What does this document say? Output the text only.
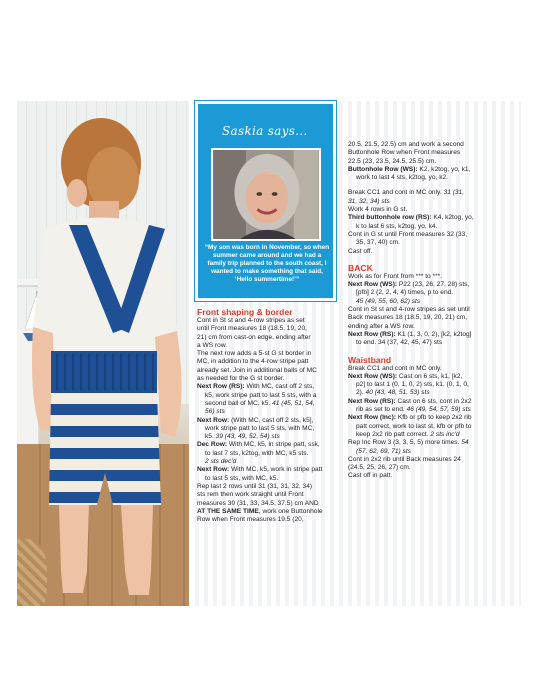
Saskia says...
“My son was born in November, so when summer came around and we had a family trip planned to the south coast, I wanted to make something that said, ‘Hello summertime!’”

Front shaping & border

Cont in St st and 4-row stripes as set

until Front measures 18 (18.5, 19, 20,

21) cm from cast-on edge, ending after

a WS row.

The next row adds a 5-st G st border in

MC, in addition to the 4-row stripe patt

already set. Join in additional balls of MC

as needed for the G st border.

Next Row (RS): With MC, cast off 2 sts,

k5, work stripe patt to last 5 sts, with a

second ball of MC, k5. 41 (45, 51, 54,

56) sts

Next Row: (With MC, cast off 2 sts, k5],

work stripe patt to last 5 sts, with MC,

k5. 39 (43, 49, 52, 54) sts

Dec Row: With MC, k5, in stripe patt, ssk,

to last 7 sts, k2tog, with MC, k5 sts.

2 sts dec'd

Next Row: With MC, k5, work in stripe patt

to last 5 sts, with MC, k5.

Rep last 2 rows until 31 (31, 31, 32, 34)

sts rem then work straight until Front

measures 30 (31, 33, 34.5, 37.5) cm AND

AT THE SAME TIME, work one Buttonhole

Row when Front measures 19.5 (20,

20.5, 21.5, 22.5) cm and work a second

Buttonhole Row when Front measures

22.5 (23, 23.5, 24.5, 25.5) cm.

Buttonhole Row (WS): K2, k2tog, yo, k1,

work to last 4 sts, k2tog, yo, k2.

Break CC1 and cont in MC only. 31 (31,

31, 32, 34) sts

Work 4 rows in G st.

Third buttonhole row (RS): K4, k2tog, yo,

k to last 6 sts, k2tog, yo, k4.

Cont in G st until Front measures 32 (33,

35, 37, 40) cm.

Cast off.

BACK

Work as for Front from *** to ***.

Next Row (WS): P22 (23, 26, 27, 28) sts,

[pfb] 2 (2, 2, 4, 4) times, p to end.

45 (49, 55, 60, 62) sts

Cont in St st and 4-row stripes as set until

Back measures 18 (18.5, 19, 20, 21) cm,

ending after a WS row.

Next Row (RS): K1 (1, 3, 0, 2), [k2, k2tog]

to end. 34 (37, 42, 45, 47) sts

Waistband

Break CC1 and cont in MC only.

Next Row (WS): Cast on 6 sts, k1, [k2,

p2] to last 1 (0, 1, 0, 2) sts, k1, (0, 1, 0,

2). 40 (43, 48, 51, 53) sts

Next Row (RS): Cast on 6 sts, cont in 2x2

rib as set to end. 46 (49, 54, 57, 59) sts

Next Row (Inc): Kfb or pfb to keep 2x2 rib

patt correct, work to last st, kfb or pfb to

keep 2x2 rib patt correct. 2 sts inc'd

Rep Inc Row 3 (3, 3, 5, 5) more times. 54

(57, 62, 69, 71) sts

Cont in 2x2 rib until Back measures 24

(24.5, 25, 26, 27) cm.

Cast off in patt.
